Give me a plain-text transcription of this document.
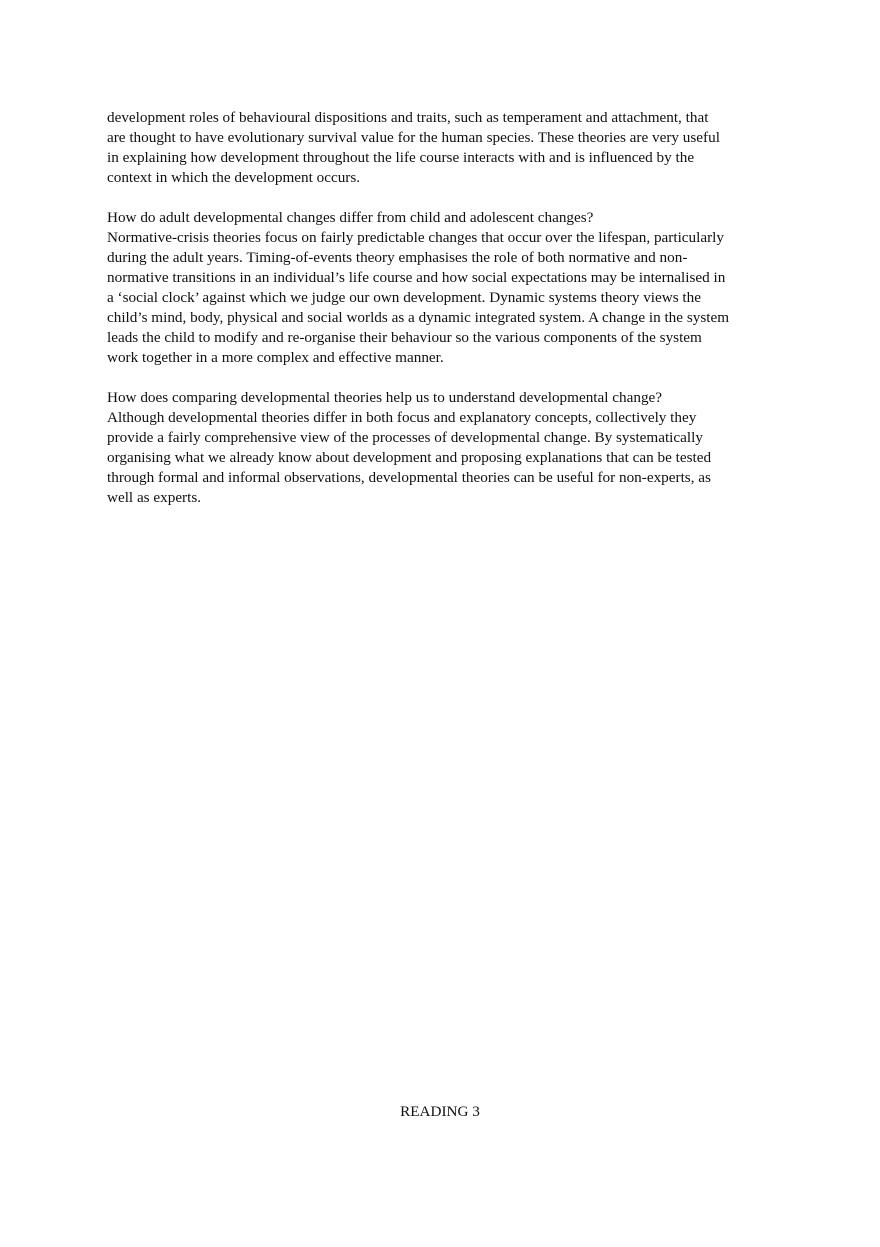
development roles of behavioural dispositions and traits, such as temperament and attachment, that
are thought to have evolutionary survival value for the human species. These theories are very useful
in explaining how development throughout the life course interacts with and is influenced by the
context in which the development occurs.
How do adult developmental changes differ from child and adolescent changes?
Normative-crisis theories focus on fairly predictable changes that occur over the lifespan, particularly
during the adult years. Timing-of-events theory emphasises the role of both normative and non-
normative transitions in an individual’s life course and how social expectations may be internalised in
a ‘social clock’ against which we judge our own development. Dynamic systems theory views the
child’s mind, body, physical and social worlds as a dynamic integrated system. A change in the system
leads the child to modify and re-organise their behaviour so the various components of the system
work together in a more complex and effective manner.
How does comparing developmental theories help us to understand developmental change?
Although developmental theories differ in both focus and explanatory concepts, collectively they
provide a fairly comprehensive view of the processes of developmental change. By systematically
organising what we already know about development and proposing explanations that can be tested
through formal and informal observations, developmental theories can be useful for non-experts, as
well as experts.
READING 3
